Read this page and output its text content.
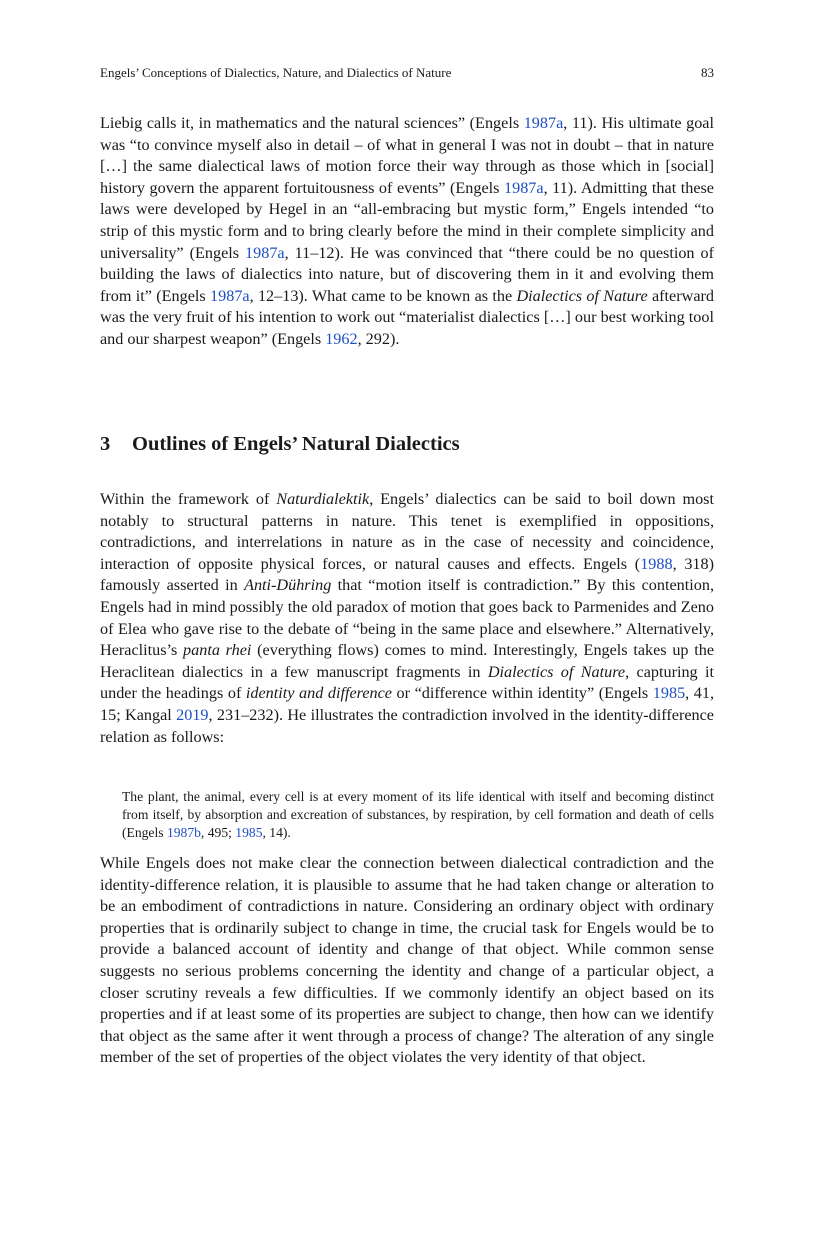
Engels’ Conceptions of Dialectics, Nature, and Dialectics of Nature	83
Liebig calls it, in mathematics and the natural sciences” (Engels 1987a, 11). His ultimate goal was “to convince myself also in detail – of what in general I was not in doubt – that in nature […] the same dialectical laws of motion force their way through as those which in [social] history govern the apparent fortuitousness of events” (Engels 1987a, 11). Admitting that these laws were developed by Hegel in an “all-embracing but mystic form,” Engels intended “to strip of this mystic form and to bring clearly before the mind in their complete simplicity and universality” (Engels 1987a, 11–12). He was convinced that “there could be no question of building the laws of dialectics into nature, but of discovering them in it and evolving them from it” (Engels 1987a, 12–13). What came to be known as the Dialectics of Nature afterward was the very fruit of his intention to work out “materialist dialectics […] our best working tool and our sharpest weapon” (Engels 1962, 292).
3 Outlines of Engels’ Natural Dialectics
Within the framework of Naturdialektik, Engels’ dialectics can be said to boil down most notably to structural patterns in nature. This tenet is exemplified in oppositions, contradictions, and interrelations in nature as in the case of necessity and coincidence, interaction of opposite physical forces, or natural causes and effects. Engels (1988, 318) famously asserted in Anti-Dühring that “motion itself is contradiction.” By this contention, Engels had in mind possibly the old paradox of motion that goes back to Parmenides and Zeno of Elea who gave rise to the debate of “being in the same place and elsewhere.” Alternatively, Heraclitus’s panta rhei (everything flows) comes to mind. Interestingly, Engels takes up the Heraclitean dialectics in a few manuscript fragments in Dialectics of Nature, capturing it under the headings of identity and difference or “difference within identity” (Engels 1985, 41, 15; Kangal 2019, 231–232). He illustrates the contradiction involved in the identity-difference relation as follows:
The plant, the animal, every cell is at every moment of its life identical with itself and becoming distinct from itself, by absorption and excreation of substances, by respiration, by cell formation and death of cells (Engels 1987b, 495; 1985, 14).
While Engels does not make clear the connection between dialectical contradiction and the identity-difference relation, it is plausible to assume that he had taken change or alteration to be an embodiment of contradictions in nature. Considering an ordinary object with ordinary properties that is ordinarily subject to change in time, the crucial task for Engels would be to provide a balanced account of identity and change of that object. While common sense suggests no serious problems concerning the identity and change of a particular object, a closer scrutiny reveals a few difficulties. If we commonly identify an object based on its properties and if at least some of its properties are subject to change, then how can we identify that object as the same after it went through a process of change? The alteration of any single member of the set of properties of the object violates the very identity of that object.
